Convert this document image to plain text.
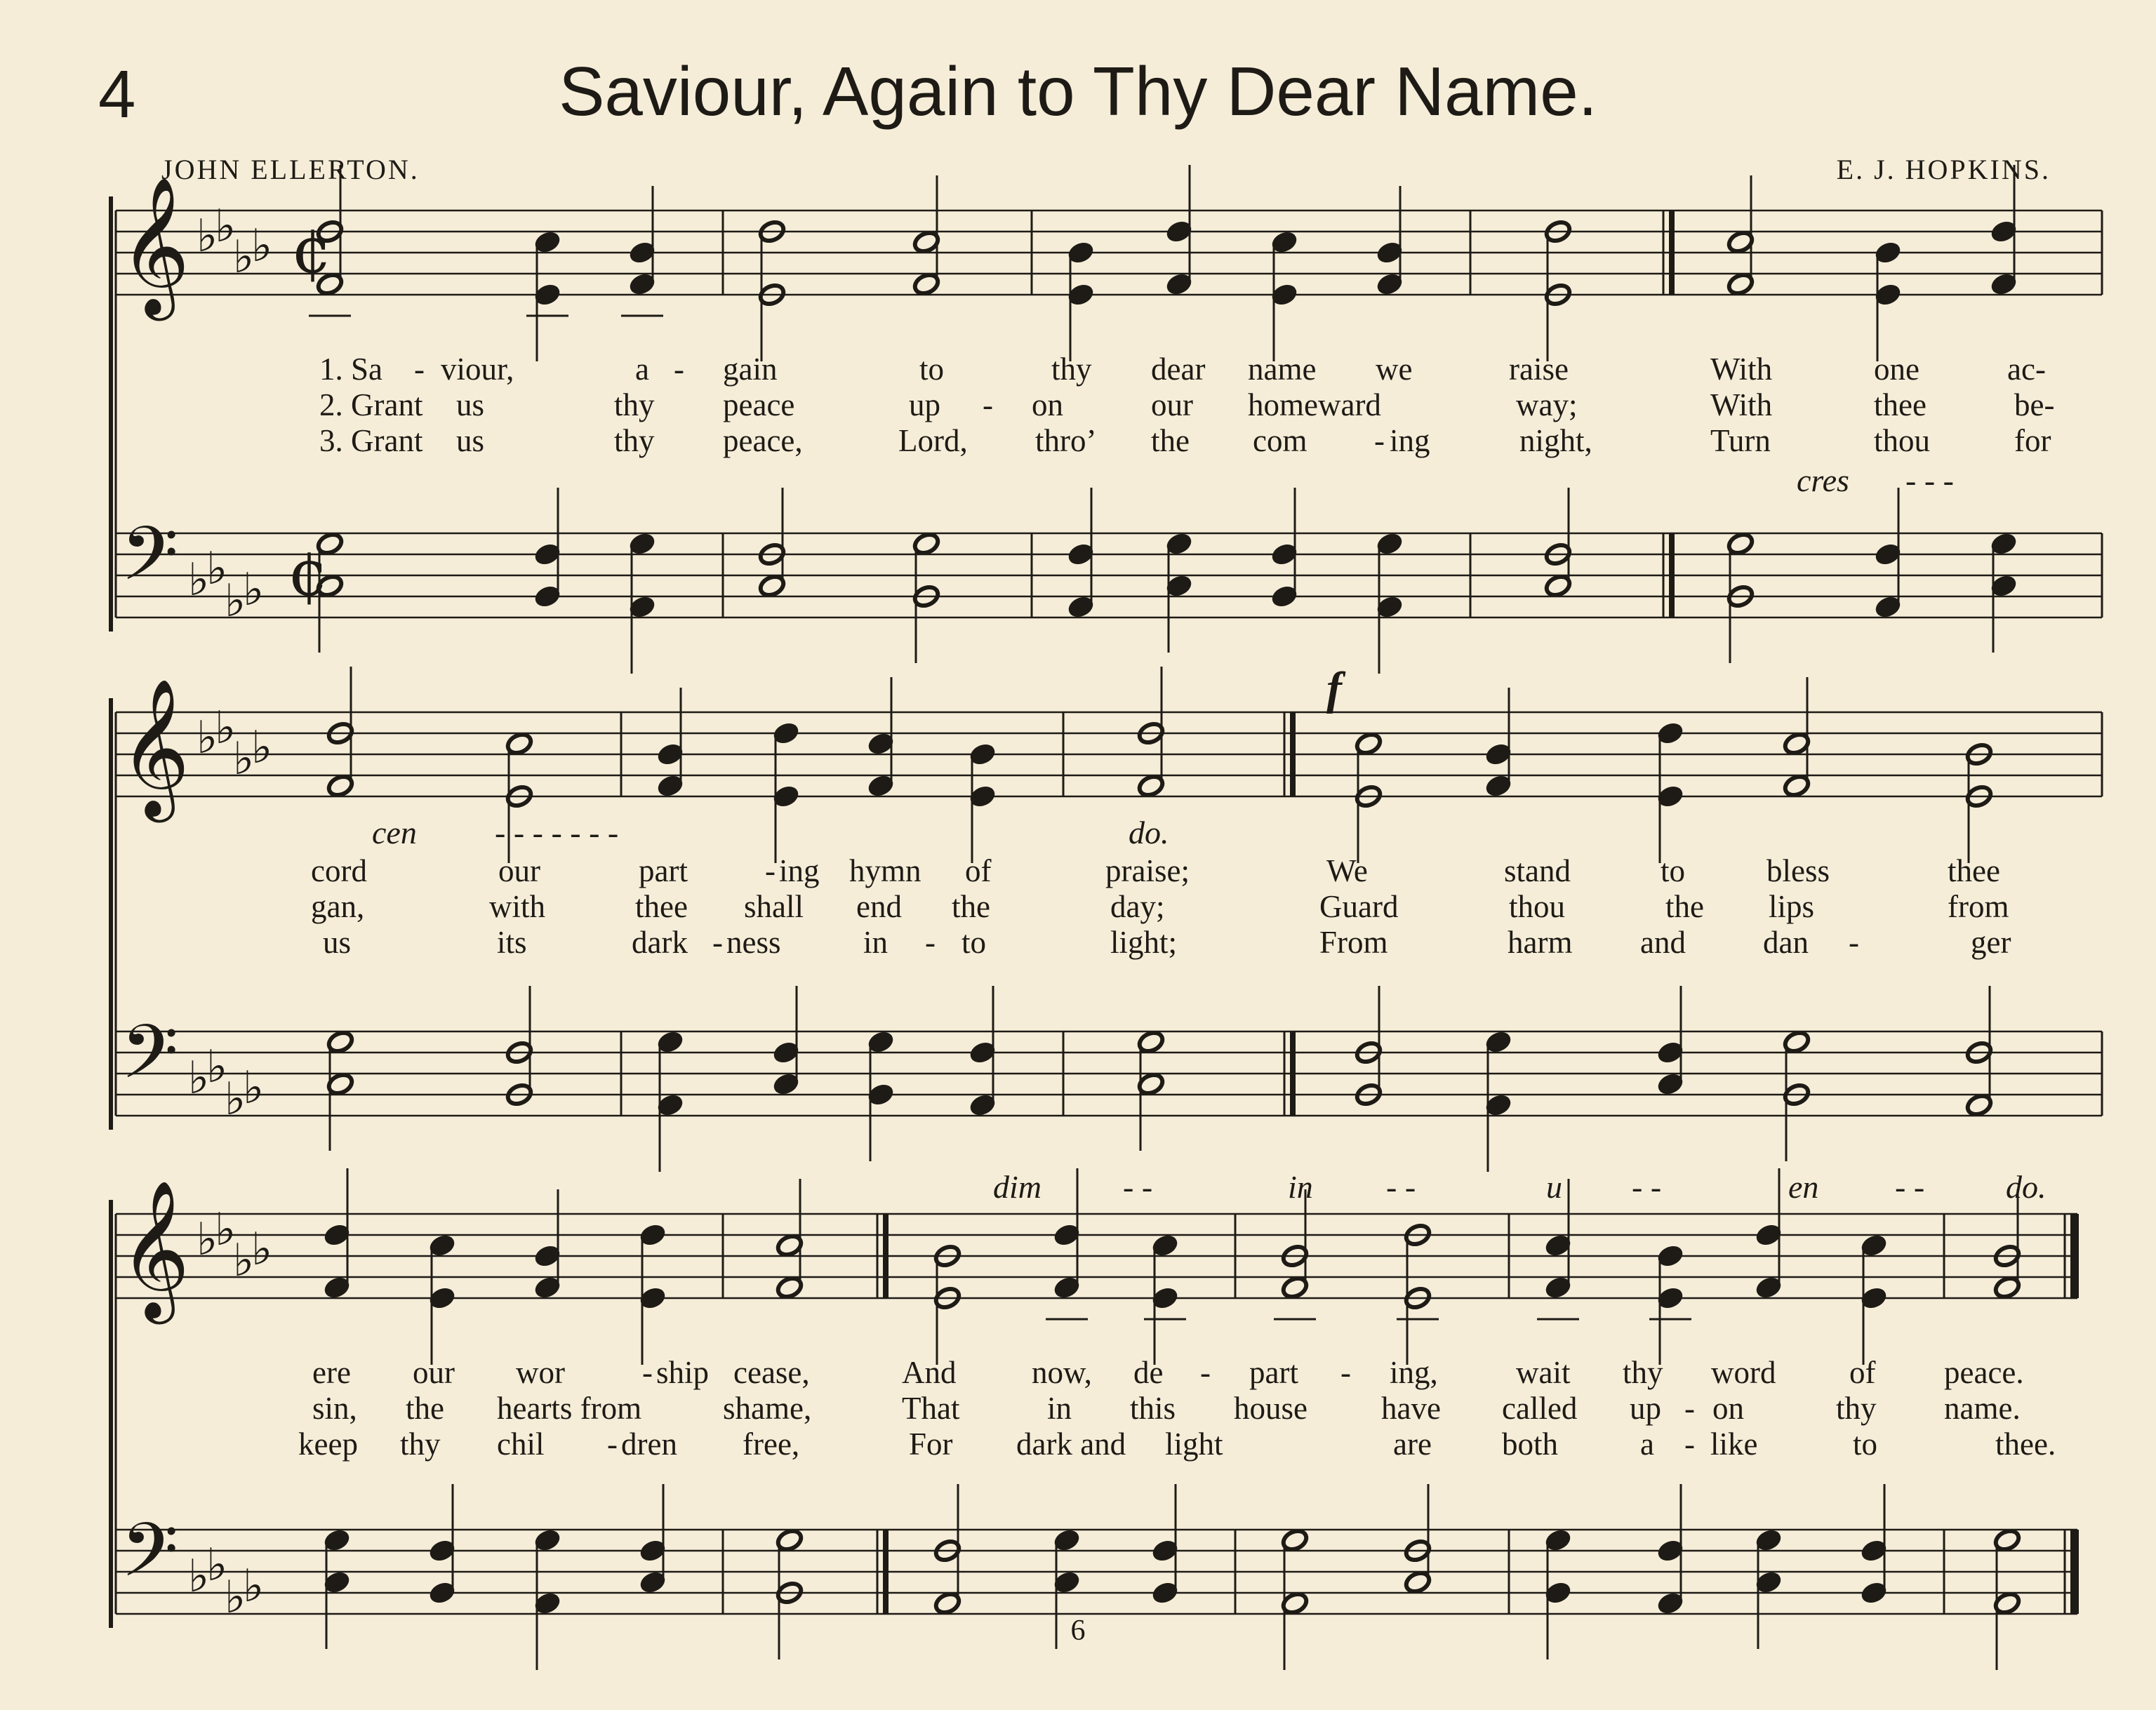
4	Saviour, Again to Thy Dear Name.
JOHN ELLERTON.	E. J. HOPKINS.
𝄞
𝄢
♭
♭
♭
♭
♭
♭
♭
♭
¢
¢
𝄞
𝄢
♭
♭
♭
♭
♭
♭
♭
♭
𝄞
𝄢
♭
♭
♭
♭
♭
♭
♭
♭
cres - - -
cen - - - - - - -	do.
f
dim	- -	in - -	u - -	en - -	do.
1. Sa - viour,	a - gain	to	thy dear name we	raise	With	one	ac-
2. Grant us	thy peace	up - on	our homeward	way;	With	thee	be-
3. Grant us	thy peace,	Lord, thro’ the com - ing	night,	Turn	thou	for
cord	our	part - ing hymn of	praise;	We	stand	to	bless	thee
gan,	with	thee shall end the	day;	Guard	thou	the lips	from
us	its	dark - ness	in - to	light;	From	harm and dan -	ger
ere our wor - ship cease,	And now, de - part - ing, wait thy word of peace.
sin, the hearts from	shame,	That	in this house have called up - on	thy name.
keep thy chil - dren free,	For dark and light	are both	a - like	to	thee.
6
